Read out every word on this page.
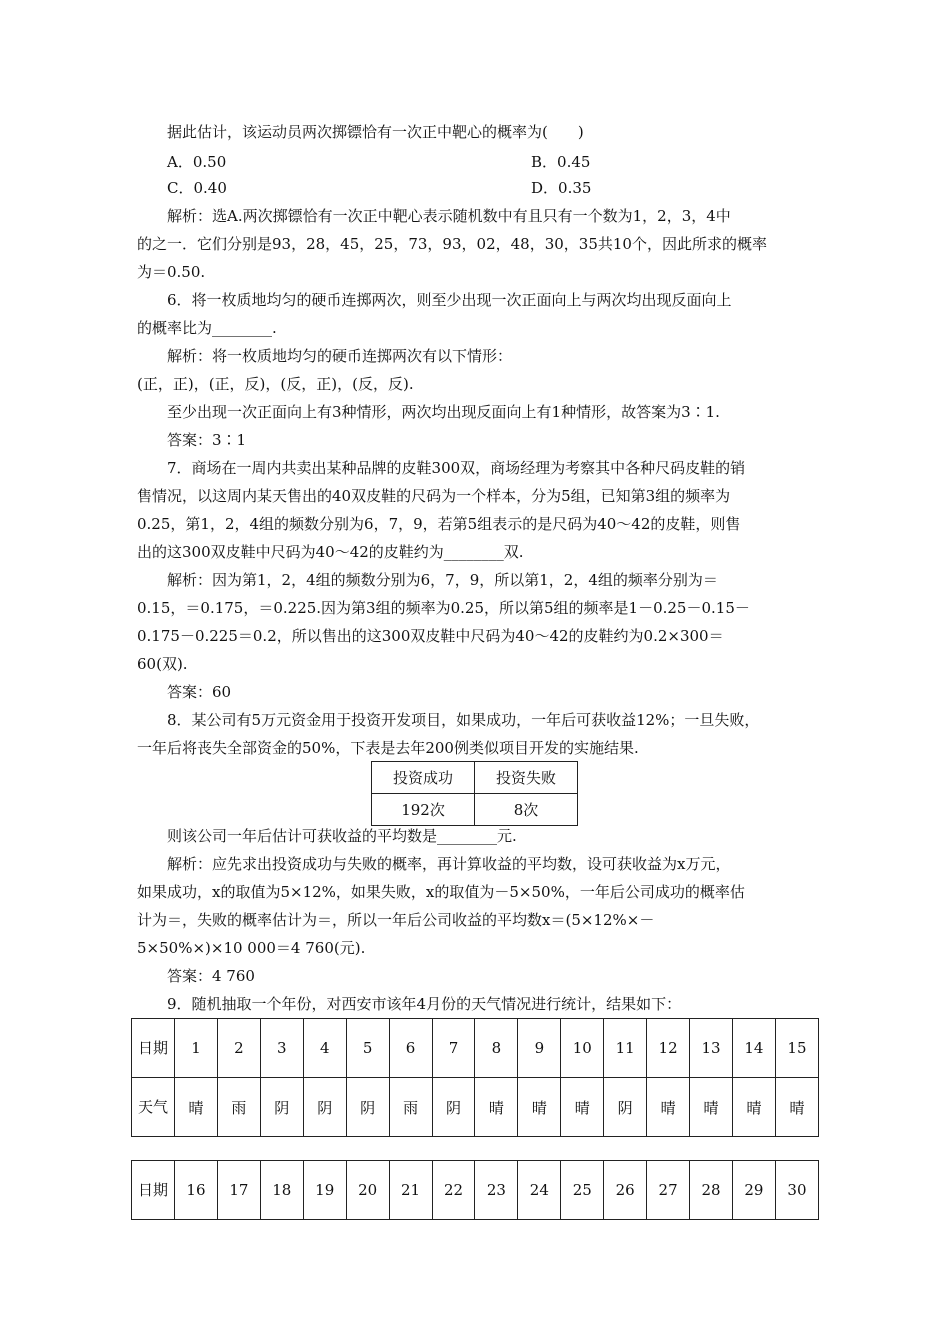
据此估计，该运动员两次掷镖恰有一次正中靶心的概率为(　　)
A．0.50	B．0.45
C．0.40	D．0.35
解析：选A.两次掷镖恰有一次正中靶心表示随机数中有且只有一个数为1，2，3，4中
的之一．它们分别是93，28，45，25，73，93，02，48，30，35共10个，因此所求的概率
为＝0.50.
6．将一枚质地均匀的硬币连掷两次，则至少出现一次正面向上与两次均出现反面向上
的概率比为________.
解析：将一枚质地均匀的硬币连掷两次有以下情形：
(正，正)，(正，反)，(反，正)，(反，反).
至少出现一次正面向上有3种情形，两次均出现反面向上有1种情形，故答案为3∶1.
答案：3∶1
7．商场在一周内共卖出某种品牌的皮鞋300双，商场经理为考察其中各种尺码皮鞋的销
售情况，以这周内某天售出的40双皮鞋的尺码为一个样本，分为5组，已知第3组的频率为
0.25，第1，2，4组的频数分别为6，7，9，若第5组表示的是尺码为40～42的皮鞋，则售
出的这300双皮鞋中尺码为40～42的皮鞋约为________双.
解析：因为第1，2，4组的频数分别为6，7，9，所以第1，2，4组的频率分别为＝
0.15，＝0.175，＝0.225.因为第3组的频率为0.25，所以第5组的频率是1－0.25－0.15－
0.175－0.225＝0.2，所以售出的这300双皮鞋中尺码为40～42的皮鞋约为0.2×300＝
60(双).
答案：60
8．某公司有5万元资金用于投资开发项目，如果成功，一年后可获收益12%；一旦失败，
一年后将丧失全部资金的50%，下表是去年200例类似项目开发的实施结果.
投资成功	投资失败
192次	8次
则该公司一年后估计可获收益的平均数是________元.
解析：应先求出投资成功与失败的概率，再计算收益的平均数，设可获收益为x万元，
如果成功，x的取值为5×12%，如果失败，x的取值为－5×50%，一年后公司成功的概率估
计为＝，失败的概率估计为＝，所以一年后公司收益的平均数x＝(5×12%×－
5×50%×)×10 000＝4 760(元).
答案：4 760
9．随机抽取一个年份，对西安市该年4月份的天气情况进行统计，结果如下：
日期	1	2	3	4	5	6	7	8	9	10	11	12	13	14	15
天气	晴	雨	阴	阴	阴	雨	阴	晴	晴	晴	阴	晴	晴	晴	晴
日期	16	17	18	19	20	21	22	23	24	25	26	27	28	29	30
